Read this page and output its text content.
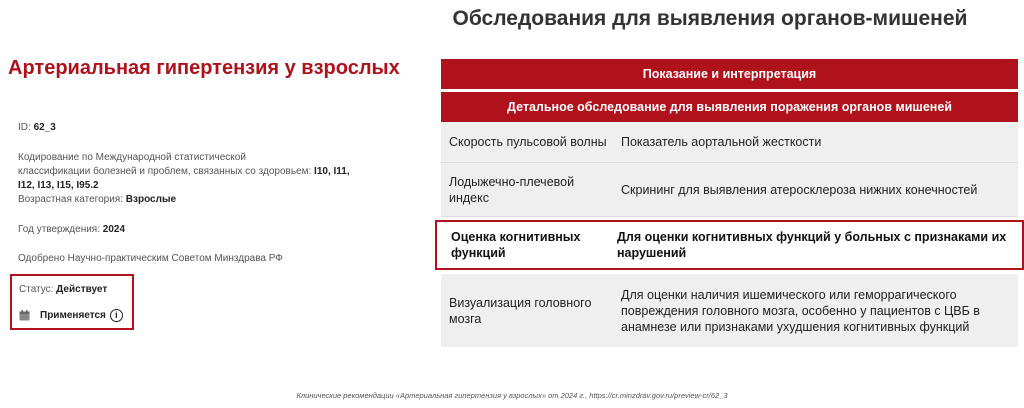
Обследования для выявления органов-мишеней
Артериальная гипертензия у взрослых
ID: 62_3
Кодирование по Международной статистической
классификации болезней и проблем, связанных со здоровьем: I10, I11,
I12, I13, I15, I95.2
Возрастная категория: Взрослые
Год утверждения: 2024
Одобрено Научно-практическим Советом Минздрава РФ
Статус: Действует
Применяется	i
Показание и интерпретация
Детальное обследование для выявления поражения органов мишеней
Скорость пульсовой волны	Показатель аортальной жесткости
Лодыжечно-плечевой индекс
Скрининг для выявления атеросклероза нижних конечностей
Оценка когнитивных функций
Для оценки когнитивных функций у больных с признаками их нарушений
Визуализация головного мозга
Для оценки наличия ишемического или геморрагического повреждения головного мозга, особенно у пациентов с ЦВБ в анамнезе или признаками ухудшения когнитивных функций
Клинические рекомендации «Артериальная гипертензия у взрослых» от 2024 г., https://cr.minzdrav.gov.ru/preview-cr/62_3
